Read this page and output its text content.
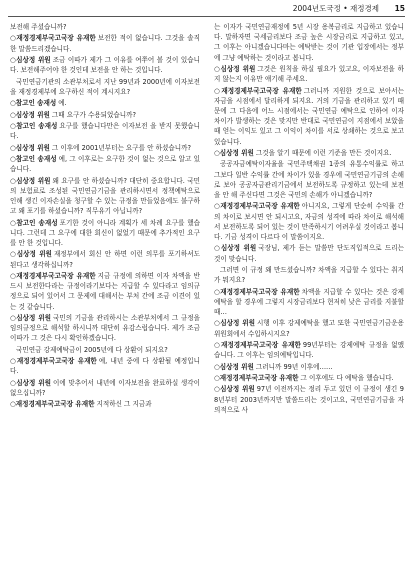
2004년도국정 • 재정경제 15

보전해 주셨습니까?

○재정경제부국고국장 유재한 보전한 적이 없습니다. 그것을 솔직한 말씀드리겠습니다.

○심상정 위원 조금 이따가 제가 그 이유를 여쭈어 볼 것이 있습니다. 보전해주어야 한 것인데 보전을 안 하는 것입니다.

국민연금기관의 소관부처로서 지난 99년과 2000년에 이자보전을 재정경제부에 요구하신 적이 계시지요?

○참고인 송재성 예.

○심상정 위원 그때 요구가 수용되었습니까?

○참고인 송재성 요구를 했습니다만은 이자보전 을 받지 못했습니다.

○심상정 위원 그 이후에 2001년부터는 요구를 안 하셨습니까?

○참고인 송재성 예, 그 이후로는 요구한 것이 없는 것으로 알고 있습니다.

○심상정 위원 왜 요구를 안 하셨습니까? 대단히 중요합니다. 국민의 보험료로 조성된 국민연금기금을 관리하시면서 정책예탁으로 인해 생긴 이자손실을 청구할 수 있는 규정을 만들었음에도 불구하고 왜 포기를 하셨습니까? 직무유기 아닙니까?

○참고인 송재성 포기한 것이 아니라 계획가 세 차례 요구를 했습니다. 그런데 그 요구에 대한 회신이 없었기 때문에 추가적인 요구를 안 한 것입니다.

○심상정 위원 재정부에서 회신 안 하면 이런 의무를 포기하셔도 된다고 생각하십니까?

○재정경제부국고국장 유재한 지금 규정에 의하면 이자 차액을 반드시 보전한다라는 규정이라기보다는 지급할 수 있다라고 임의규정으로 되어 있어서 그 문제에 대해서는 부처 간에 조금 이견이 있는 것 같습니다.

○심상정 위원 국민의 기금을 관리하시는 소관부처에서 그 규정을 임의규정으로 해석할 하시니까 대단히 유감스럽습니다. 제가 조금 이따가 그 것은 다시 확인하겠습니다.

국민연금 강제예탁금이 2005년에 다 상환이 되지요?

○재정경제부국고국장 유재한 예, 내년 중에 다 상환될 예정입니다.

○심상정 위원 이에 맞추어서 내년에 이자보전을 완료하실 생각이 없으십니까?

○재정경제부국고국장 유재한 지적하신 그 지금과

는 이자가 국민연금재정에 5년 시장 용복금리로 지급하고 있습니다. 말하자면 국세금리보다 조금 높은 시장금리로 지급하고 있고, 그 이후는 아니겠습니다마는 예탁받는 것이 기관 입장에서는 정부에 그냥 예탁하는 것이라고 봅니다.

○심상정 위원 그것은 원칙을 하실 필요가 있고요, 이자보전을 하지 않는지 이유만 얘기해 주세요.

○재정경제부국고국장 유재한 그러니까 지원한 것으로 보아서는 자금을 시점에서 달리하게 되지요. 거의 기금을 관리하고 있기 때문에 그 다음에 어느 시점에서는 국민연금 예탁으로 인하여 이자 차이가 발생하는 것은 맞지만 반대로 국민연금이 지점에서 보았을 때 얻는 이익도 있고 그 이익이 차이를 서로 상쇄하는 것으로 보고 있습니다.

○심상정 위원 그것을 알기 때문에 이런 기준을 만든 것이지요.

공공자금예탁이자율을 국민주택채권 1종의 유통수익률로 하고 그보다 일반 수익률 간에 차이가 있을 경우에 국민연금기금의 손해로 보아 공공자금관리기금에서 보전하도록 규정하고 있는데 보전을 안 해 주신다면 그것은 국민의 손해가 아니겠습니까?

○재정경제부국고국장 유재한 아니지요, 그렇게 단순히 수익률 간의 차이로 보시면 안 되시고요, 자금의 성격에 따라 차이로 해석해서 보전하도록 되어 있는 것이 만족하시기 어려우실 것이라고 봅니다. 기금 성격이 다르다 이 말씀이지요.

○심상정 위원 국장님, 제가 듣는 말씀만 단도직입적으로 드리는 것이 맞습니다.

그러면 이 규정 왜 만드셨습니까? 차액을 지급할 수 있다는 취지가 뭐지요?

○재정경제부국고국장 유재한 차액을 지급할 수 있다는 것은 강제예탁을 할 경우에 그렇지 시장금리보다 현저히 낮은 금리를 지불할 때…

○심상정 위원 시행 이후 강제예탁을 했고 또한 국민연금기금운용위원회에서 수입하시지요?

○재정경제부국고국장 유재한 99년부터는 강제예탁 규정을 없앴습니다. 그 이후는 임의예탁입니다.

○심상정 위원 그러니까 99년 이후에……

○재정경제부국고국장 유재한 그 이후에도 다 예탁을 했습니다.

○심상정 위원 97년 이전까지는 정리 두고 있던 이 규정이 생긴 98년부터 2003년까지만 말씀드리는 것이고요, 국민연금기금을 자의적으로 사
